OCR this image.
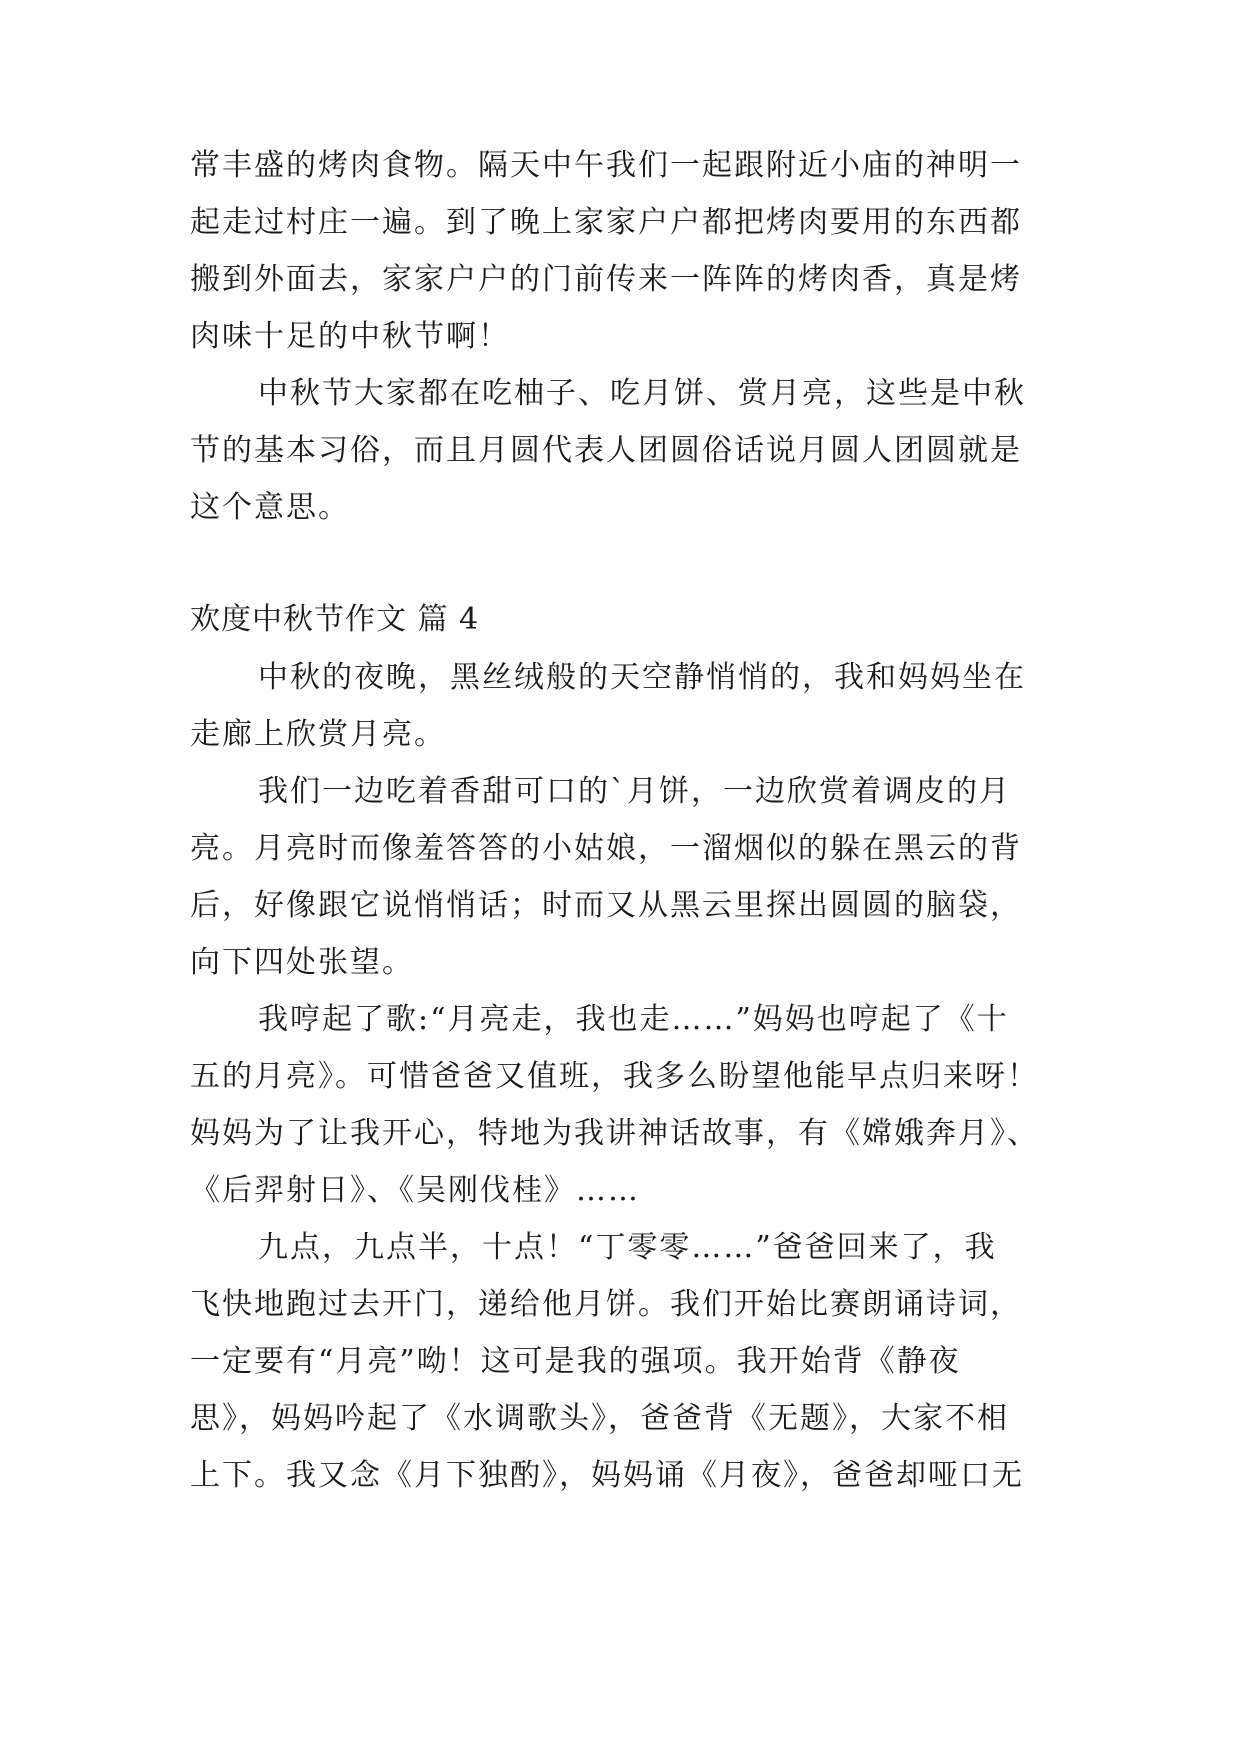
常丰盛的烤肉食物。隔天中午我们一起跟附近小庙的神明一

起走过村庄一遍。到了晚上家家户户都把烤肉要用的东西都

搬到外面去，家家户户的门前传来一阵阵的烤肉香，真是烤

肉味十足的中秋节啊！

中秋节大家都在吃柚子、吃月饼、赏月亮，这些是中秋

节的基本习俗，而且月圆代表人团圆俗话说月圆人团圆就是

这个意思。

欢度中秋节作文 篇 4

中秋的夜晚，黑丝绒般的天空静悄悄的，我和妈妈坐在

走廊上欣赏月亮。

我们一边吃着香甜可口的`月饼，一边欣赏着调皮的月

亮。月亮时而像羞答答的小姑娘，一溜烟似的躲在黑云的背

后，好像跟它说悄悄话；时而又从黑云里探出圆圆的脑袋，

向下四处张望。

我哼起了歌:“月亮走，我也走……”妈妈也哼起了《十

五的月亮》。可惜爸爸又值班，我多么盼望他能早点归来呀！

妈妈为了让我开心，特地为我讲神话故事，有《嫦娥奔月》、

《后羿射日》、《吴刚伐桂》……

九点，九点半，十点！“丁零零……”爸爸回来了，我

飞快地跑过去开门，递给他月饼。我们开始比赛朗诵诗词，

一定要有“月亮”呦！这可是我的强项。我开始背《静夜

思》，妈妈吟起了《水调歌头》，爸爸背《无题》，大家不相

上下。我又念《月下独酌》，妈妈诵《月夜》，爸爸却哑口无
